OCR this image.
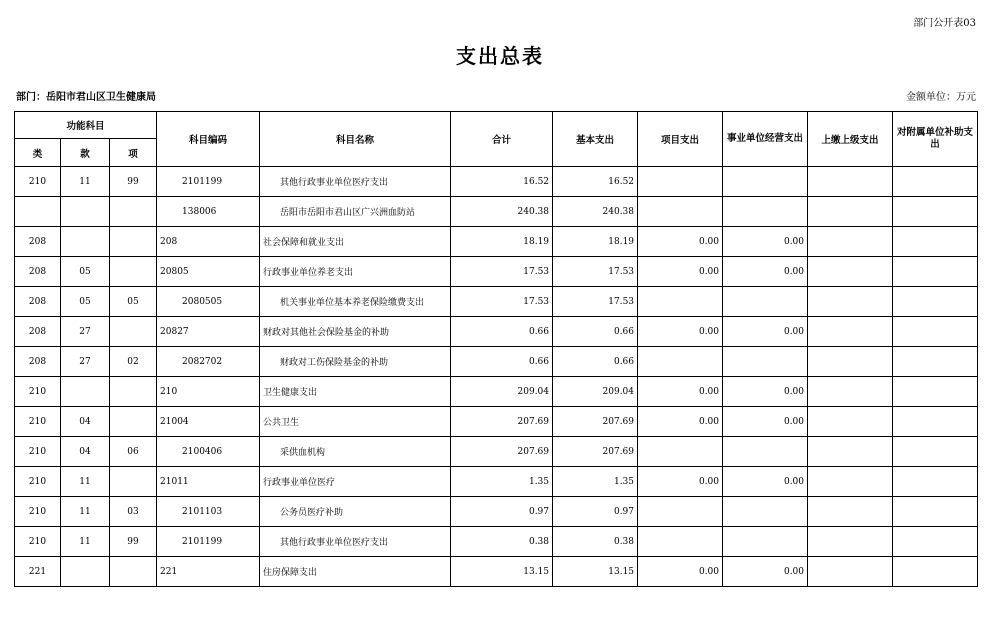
部门公开表03
支出总表
部门：岳阳市君山区卫生健康局	金额单位：万元
功能科目			科目编码	科目名称	合计	基本支出	项目支出	事业单位经营支出	上缴上级支出	对附属单位补助支出
类	款	项								
210	11	99	2101199	其他行政事业单位医疗支出	16.52	16.52				
			138006	岳阳市岳阳市君山区广兴洲血防站	240.38	240.38				
208			208	社会保障和就业支出	18.19	18.19	0.00	0.00		
208	05		20805	行政事业单位养老支出	17.53	17.53	0.00	0.00		
208	05	05	2080505	机关事业单位基本养老保险缴费支出	17.53	17.53				
208	27		20827	财政对其他社会保险基金的补助	0.66	0.66	0.00	0.00		
208	27	02	2082702	财政对工伤保险基金的补助	0.66	0.66				
210			210	卫生健康支出	209.04	209.04	0.00	0.00		
210	04		21004	公共卫生	207.69	207.69	0.00	0.00		
210	04	06	2100406	采供血机构	207.69	207.69				
210	11		21011	行政事业单位医疗	1.35	1.35	0.00	0.00		
210	11	03	2101103	公务员医疗补助	0.97	0.97				
210	11	99	2101199	其他行政事业单位医疗支出	0.38	0.38				
221			221	住房保障支出	13.15	13.15	0.00	0.00		
